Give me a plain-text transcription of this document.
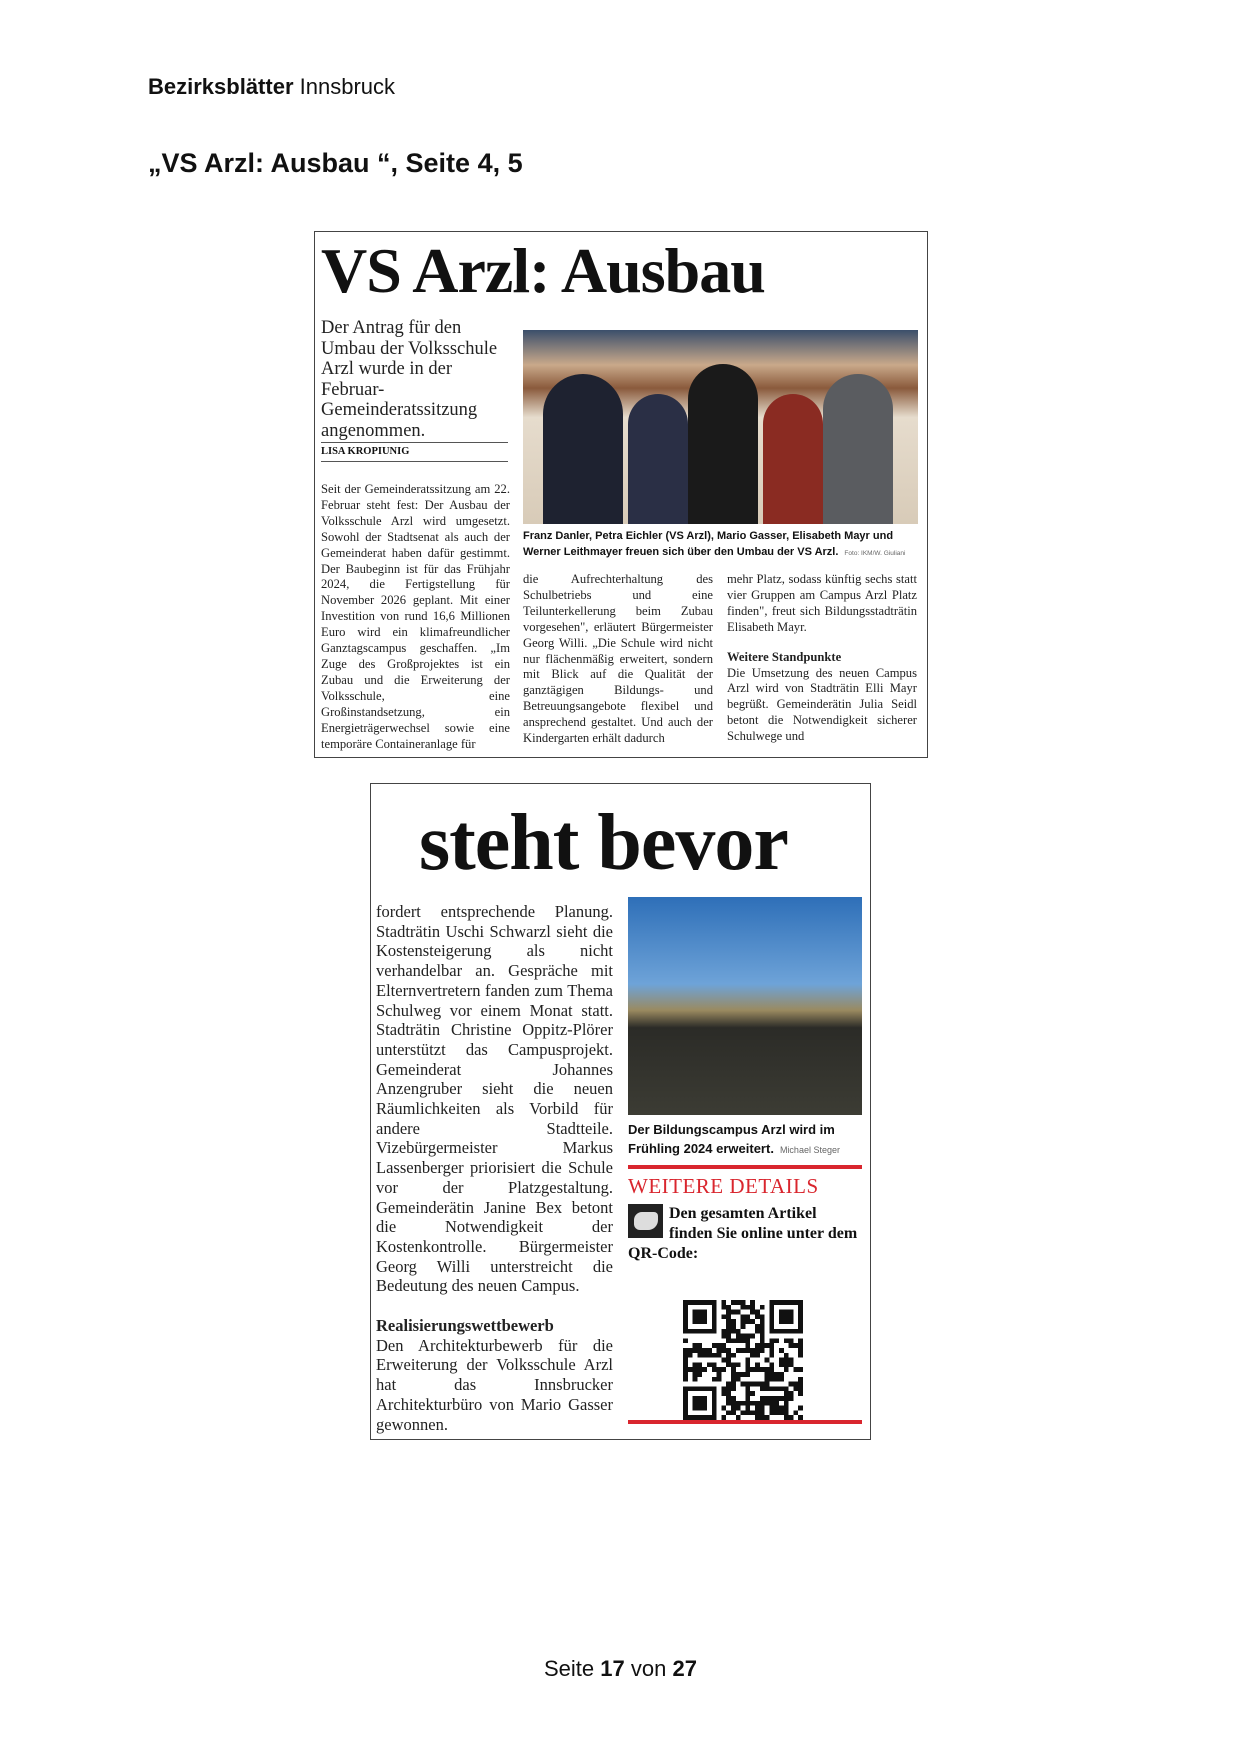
Bezirksblätter Innsbruck
„VS Arzl: Ausbau “, Seite 4, 5
VS Arzl: Ausbau
Der Antrag für den Umbau der Volksschule Arzl wurde in der Februar-Gemeinderatssitzung angenommen.
LISA KROPIUNIG
Seit der Gemeinderatssitzung am 22. Februar steht fest: Der Ausbau der Volksschule Arzl wird umgesetzt. Sowohl der Stadtsenat als auch der Gemeinderat haben dafür gestimmt. Der Baubeginn ist für das Frühjahr 2024, die Fertigstellung für November 2026 geplant. Mit einer Investition von rund 16,6 Millionen Euro wird ein klimafreundlicher Ganztagscampus geschaffen. „Im Zuge des Großprojektes ist ein Zubau und die Erweiterung der Volksschule, eine Großinstandsetzung, ein Energieträgerwechsel sowie eine temporäre Containeranlage für
Franz Danler, Petra Eichler (VS Arzl), Mario Gasser, Elisabeth Mayr und Werner Leithmayer freuen sich über den Umbau der VS Arzl. Foto: IKM/W. Giuliani
die Aufrechterhaltung des Schulbetriebs und eine Teilunterkellerung beim Zubau vorgesehen", erläutert Bürgermeister Georg Willi. „Die Schule wird nicht nur flächenmäßig erweitert, sondern mit Blick auf die Qualität der ganztägigen Bildungs- und Betreuungsangebote flexibel und ansprechend gestaltet. Und auch der Kindergarten erhält dadurch
mehr Platz, sodass künftig sechs statt vier Gruppen am Campus Arzl Platz finden", freut sich Bildungsstadträtin Elisabeth Mayr.
Weitere Standpunkte
Die Umsetzung des neuen Campus Arzl wird von Stadträtin Elli Mayr begrüßt. Gemeinderätin Julia Seidl betont die Notwendigkeit sicherer Schulwege und
steht bevor
fordert entsprechende Planung. Stadträtin Uschi Schwarzl sieht die Kostensteigerung als nicht verhandelbar an. Gespräche mit Elternvertretern fanden zum Thema Schulweg vor einem Monat statt. Stadträtin Christine Oppitz-Plörer unterstützt das Campusprojekt. Gemeinderat Johannes Anzengruber sieht die neuen Räumlichkeiten als Vorbild für andere Stadtteile. Vizebürgermeister Markus Lassenberger priorisiert die Schule vor der Platzgestaltung. Gemeinderätin Janine Bex betont die Notwendigkeit der Kostenkontrolle. Bürgermeister Georg Willi unterstreicht die Bedeutung des neuen Campus.
Realisierungswettbewerb
Den Architekturbewerb für die Erweiterung der Volksschule Arzl hat das Innsbrucker Architekturbüro von Mario Gasser gewonnen.
Der Bildungscampus Arzl wird im Frühling 2024 erweitert. Michael Steger
WEITERE DETAILS
Den gesamten Artikel finden Sie online unter dem QR-Code:
Seite 17 von 27
